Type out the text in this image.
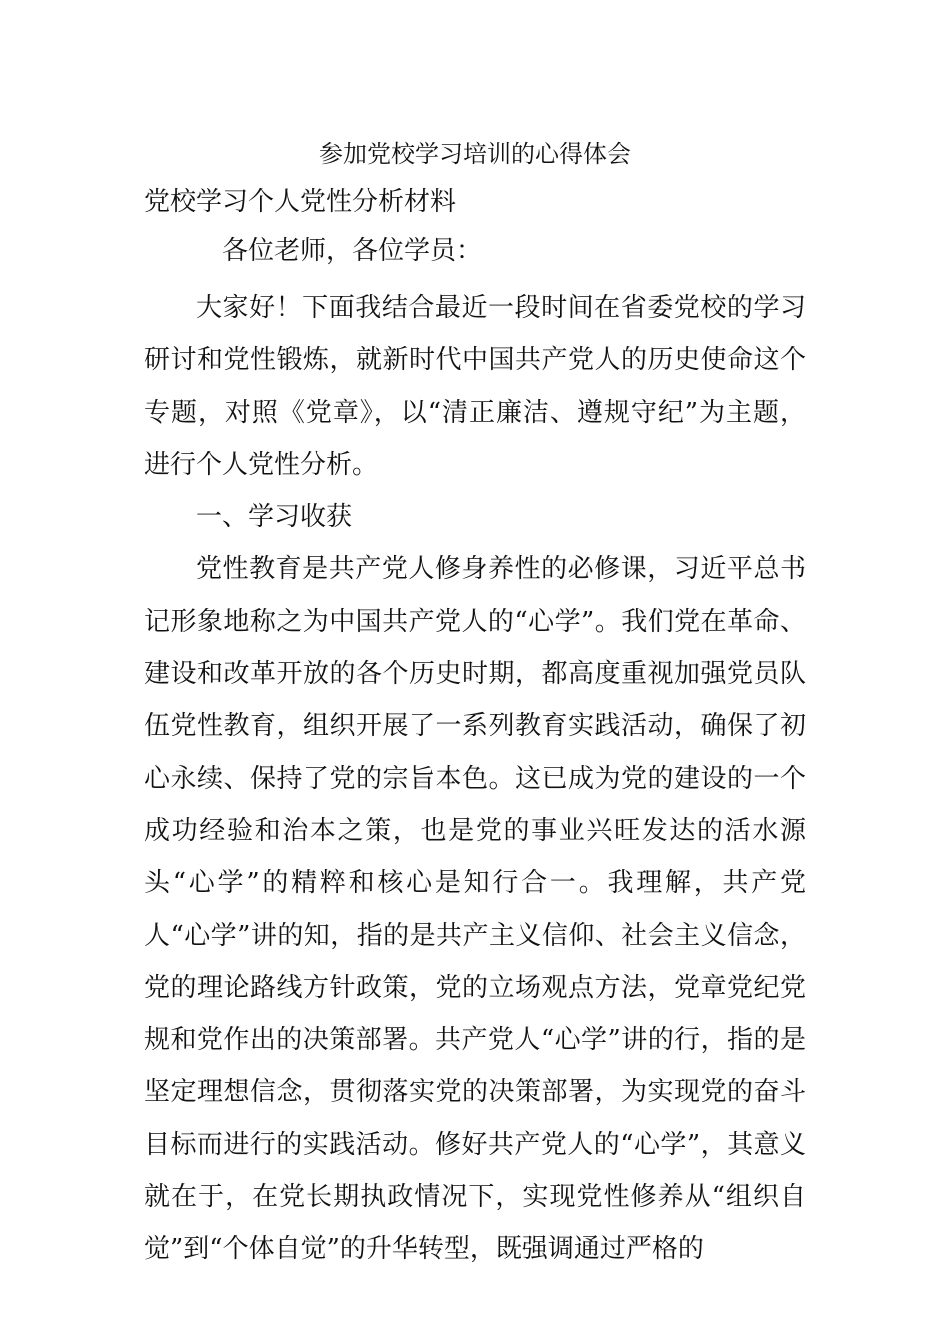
参加党校学习培训的心得体会
党校学习个人党性分析材料

各位老师，各位学员：

大家好！下面我结合最近一段时间在省委党校的学习研讨和党性锻炼，就新时代中国共产党人的历史使命这个专题，对照《党章》，以“清正廉洁、遵规守纪”为主题，进行个人党性分析。

一、学习收获

党性教育是共产党人修身养性的必修课，习近平总书记形象地称之为中国共产党人的“心学”。我们党在革命、建设和改革开放的各个历史时期，都高度重视加强党员队伍党性教育，组织开展了一系列教育实践活动，确保了初心永续、保持了党的宗旨本色。这已成为党的建设的一个成功经验和治本之策，也是党的事业兴旺发达的活水源头“心学”的精粹和核心是知行合一。我理解，共产党人“心学”讲的知，指的是共产主义信仰、社会主义信念，党的理论路线方针政策，党的立场观点方法，党章党纪党规和党作出的决策部署。共产党人“心学”讲的行，指的是坚定理想信念，贯彻落实党的决策部署，为实现党的奋斗目标而进行的实践活动。修好共产党人的“心学”，其意义就在于，在党长期执政情况下，实现党性修养从“组织自觉”到“个体自觉”的升华转型，既强调通过严格的
